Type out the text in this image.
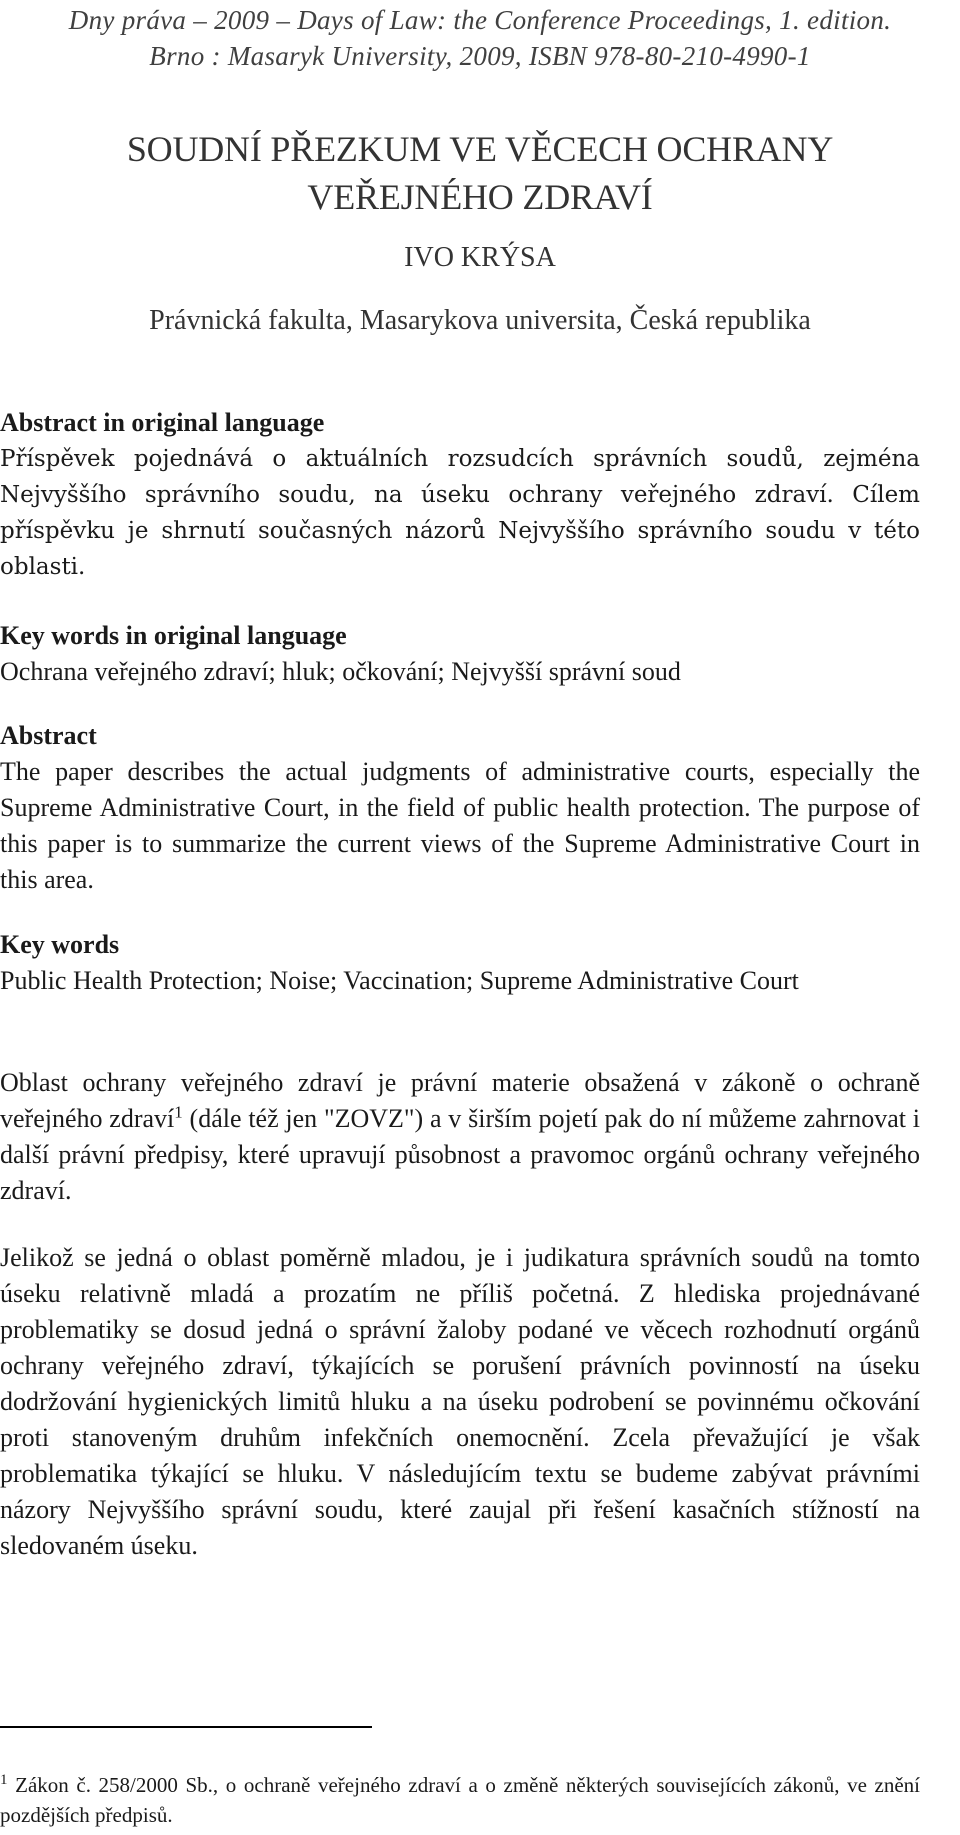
Dny práva – 2009 – Days of Law: the Conference Proceedings, 1. edition.
Brno : Masaryk University, 2009, ISBN 978-80-210-4990-1
SOUDNÍ PŘEZKUM VE VĚCECH OCHRANY
VEŘEJNÉHO ZDRAVÍ
IVO KRÝSA
Právnická fakulta, Masarykova universita, Česká republika
Abstract in original language
Příspěvek pojednává o aktuálních rozsudcích správních soudů, zejména Nejvyššího správního soudu, na úseku ochrany veřejného zdraví. Cílem příspěvku je shrnutí současných názorů Nejvyššího správního soudu v této oblasti.
Key words in original language
Ochrana veřejného zdraví; hluk; očkování; Nejvyšší správní soud
Abstract
The paper describes the actual judgments of administrative courts, especially the Supreme Administrative Court, in the field of public health protection. The purpose of this paper is to summarize the current views of the Supreme Administrative Court in this area.
Key words
Public Health Protection; Noise; Vaccination; Supreme Administrative Court
Oblast ochrany veřejného zdraví je právní materie obsažená v zákoně o ochraně veřejného zdraví$^1$ (dále též jen "ZOVZ") a v širším pojetí pak do ní můžeme zahrnovat i další právní předpisy, které upravují působnost a pravomoc orgánů ochrany veřejného zdraví.
Jelikož se jedná o oblast poměrně mladou, je i judikatura správních soudů na tomto úseku relativně mladá a prozatím ne příliš početná. Z hlediska projednávané problematiky se dosud jedná o správní žaloby podané ve věcech rozhodnutí orgánů ochrany veřejného zdraví, týkajících se porušení právních povinností na úseku dodržování hygienických limitů hluku a na úseku podrobení se povinnému očkování proti stanoveným druhům infekčních onemocnění. Zcela převažující je však problematika týkající se hluku. V následujícím textu se budeme zabývat právními názory Nejvyššího správní soudu, které zaujal při řešení kasačních stížností na sledovaném úseku.
$^1$ Zákon č. 258/2000 Sb., o ochraně veřejného zdraví a o změně některých souvisejících zákonů, ve znění pozdějších předpisů.
